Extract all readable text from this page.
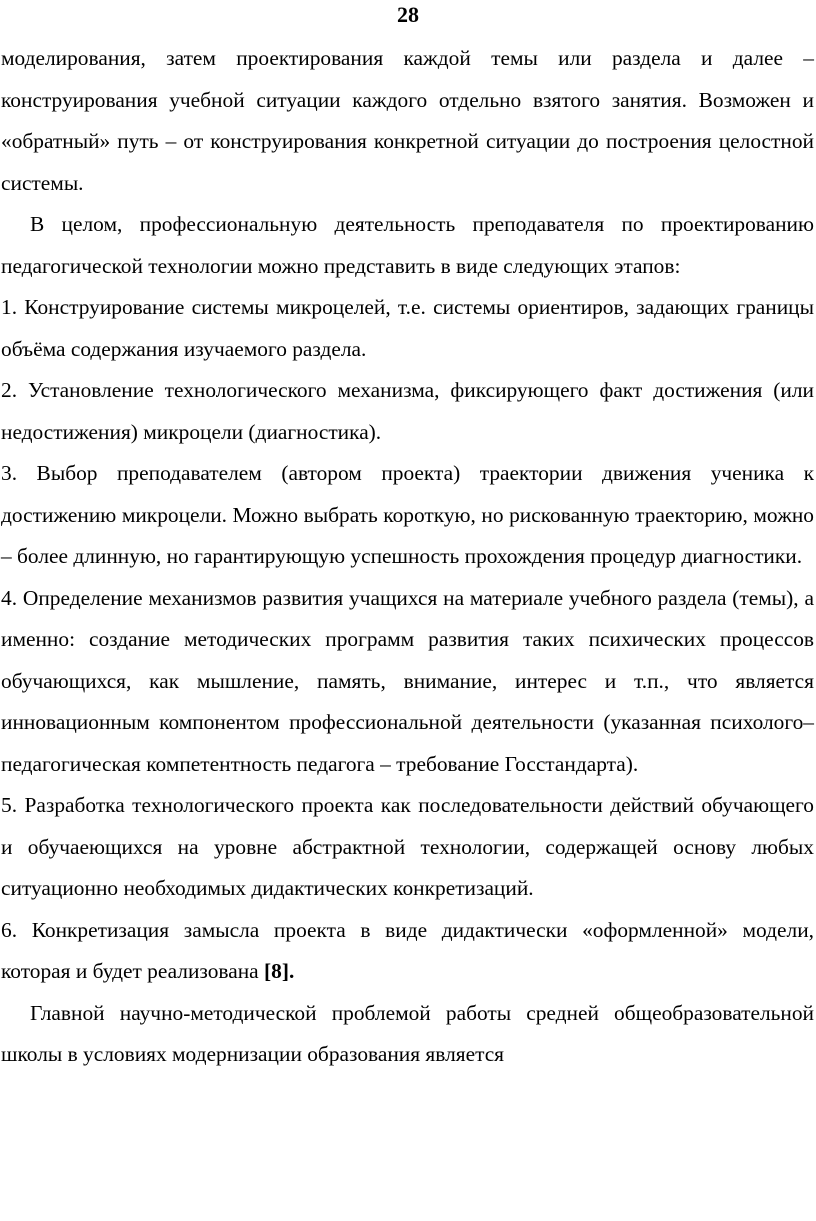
28

моделирования, затем проектирования каждой темы или раздела и далее – конструирования учебной ситуации каждого отдельно взятого занятия. Возможен и «обратный» путь – от конструирования конкретной ситуации до построения целостной системы.

В целом, профессиональную деятельность преподавателя по проектированию педагогической технологии можно представить в виде следующих этапов:

1. Конструирование системы микроцелей, т.е. системы ориентиров, задающих границы объёма содержания изучаемого раздела.

2. Установление технологического механизма, фиксирующего факт достижения (или недостижения) микроцели (диагностика).

3. Выбор преподавателем (автором проекта) траектории движения ученика к достижению микроцели. Можно выбрать короткую, но рискованную траекторию, можно – более длинную, но гарантирующую успешность прохождения процедур диагностики.

4. Определение механизмов развития учащихся на материале учебного раздела (темы), а именно: создание методических программ развития таких психических процессов обучающихся, как мышление, память, внимание, интерес и т.п., что является инновационным компонентом профессиональной деятельности (указанная психолого–педагогическая компетентность педагога – требование Госстандарта).

5. Разработка технологического проекта как последовательности действий обучающего и обучаеющихся на уровне абстрактной технологии, содержащей основу любых ситуационно необходимых дидактических конкретизаций.

6. Конкретизация замысла проекта в виде дидактически «оформленной» модели, которая и будет реализована [8].

Главной научно-методической проблемой работы средней общеобразовательной школы в условиях модернизации образования является
